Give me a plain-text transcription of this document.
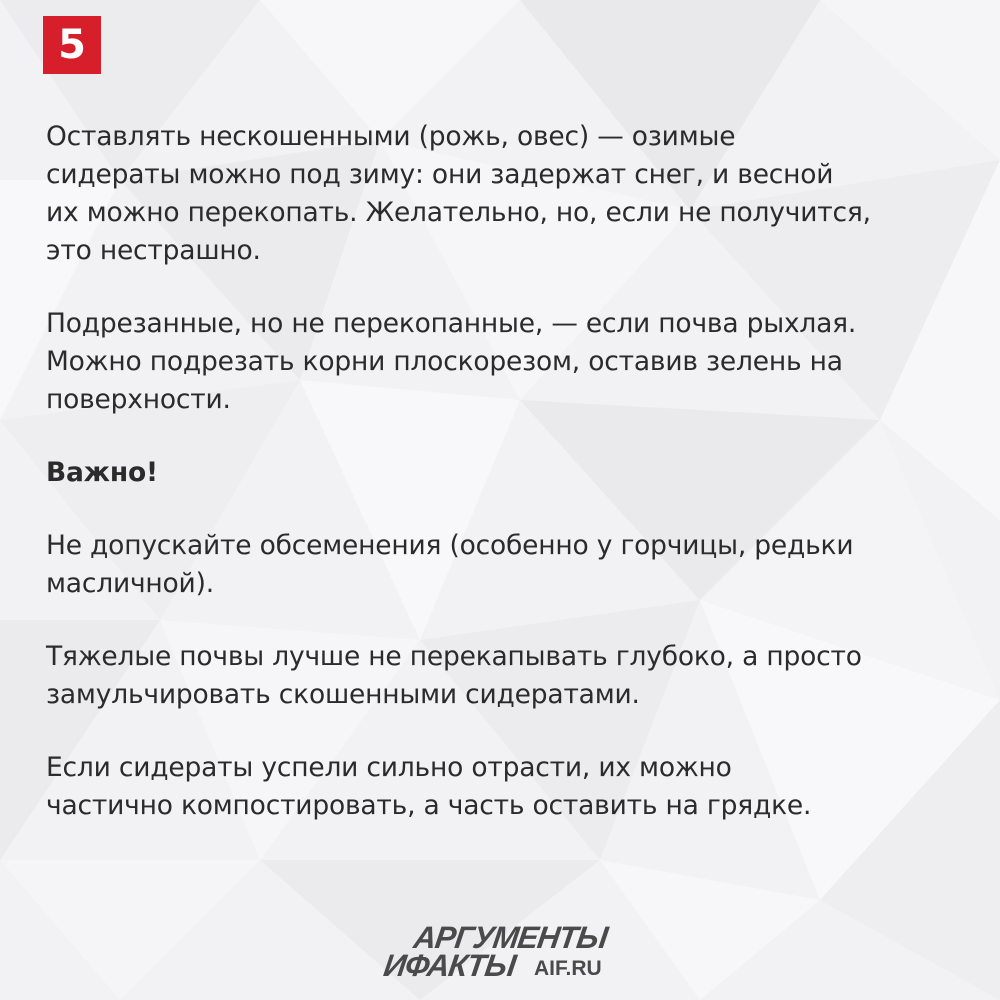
5

Оставлять нескошенными (рожь, овес) — озимые
сидераты можно под зиму: они задержат снег, и весной
их можно перекопать. Желательно, но, если не получится,
это нестрашно.

Подрезанные, но не перекопанные, — если почва рыхлая.
Можно подрезать корни плоскорезом, оставив зелень на
поверхности.

Важно!

Не допускайте обсеменения (особенно у горчицы, редьки
масличной).

Тяжелые почвы лучше не перекапывать глубоко, а просто
замульчировать скошенными сидератами.

Если сидераты успели сильно отрасти, их можно
частично компостировать, а часть оставить на грядке.

АРГУМЕНТЫ
ИФАКТЫ AIF.RU
